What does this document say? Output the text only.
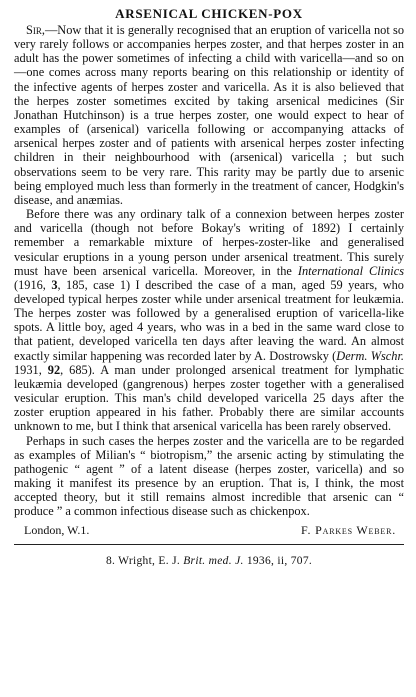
ARSENICAL CHICKEN-POX

Sir,—Now that it is generally recognised that an eruption of varicella not so very rarely follows or accompanies herpes zoster, and that herpes zoster in an adult has the power sometimes of infecting a child with varicella—and so on—one comes across many reports bearing on this relationship or identity of the infective agents of herpes zoster and varicella. As it is also believed that the herpes zoster sometimes excited by taking arsenical medicines (Sir Jonathan Hutchinson) is a true herpes zoster, one would expect to hear of examples of (arsenical) varicella following or accompanying attacks of arsenical herpes zoster and of patients with arsenical herpes zoster infecting children in their neighbourhood with (arsenical) varicella ; but such observations seem to be very rare. This rarity may be partly due to arsenic being employed much less than formerly in the treatment of cancer, Hodgkin's disease, and anæmias.

Before there was any ordinary talk of a connexion between herpes zoster and varicella (though not before Bokay's writing of 1892) I certainly remember a remarkable mixture of herpes-zoster-like and generalised vesicular eruptions in a young person under arsenical treatment. This surely must have been arsenical varicella. Moreover, in the International Clinics (1916, 3, 185, case 1) I described the case of a man, aged 59 years, who developed typical herpes zoster while under arsenical treatment for leukæmia. The herpes zoster was followed by a generalised eruption of varicella-like spots. A little boy, aged 4 years, who was in a bed in the same ward close to that patient, developed varicella ten days after leaving the ward. An almost exactly similar happening was recorded later by A. Dostrowsky (Derm. Wschr. 1931, 92, 685). A man under prolonged arsenical treatment for lymphatic leukæmia developed (gangrenous) herpes zoster together with a generalised vesicular eruption. This man's child developed varicella 25 days after the zoster eruption appeared in his father. Probably there are similar accounts unknown to me, but I think that arsenical varicella has been rarely observed.

Perhaps in such cases the herpes zoster and the varicella are to be regarded as examples of Milian's “ biotropism,” the arsenic acting by stimulating the pathogenic “ agent ” of a latent disease (herpes zoster, varicella) and so making it manifest its presence by an eruption. That is, I think, the most accepted theory, but it still remains almost incredible that arsenic can “ produce ” a common infectious disease such as chickenpox.

London, W.1.	F. Parkes Weber.
8. Wright, E. J. Brit. med. J. 1936, ii, 707.
